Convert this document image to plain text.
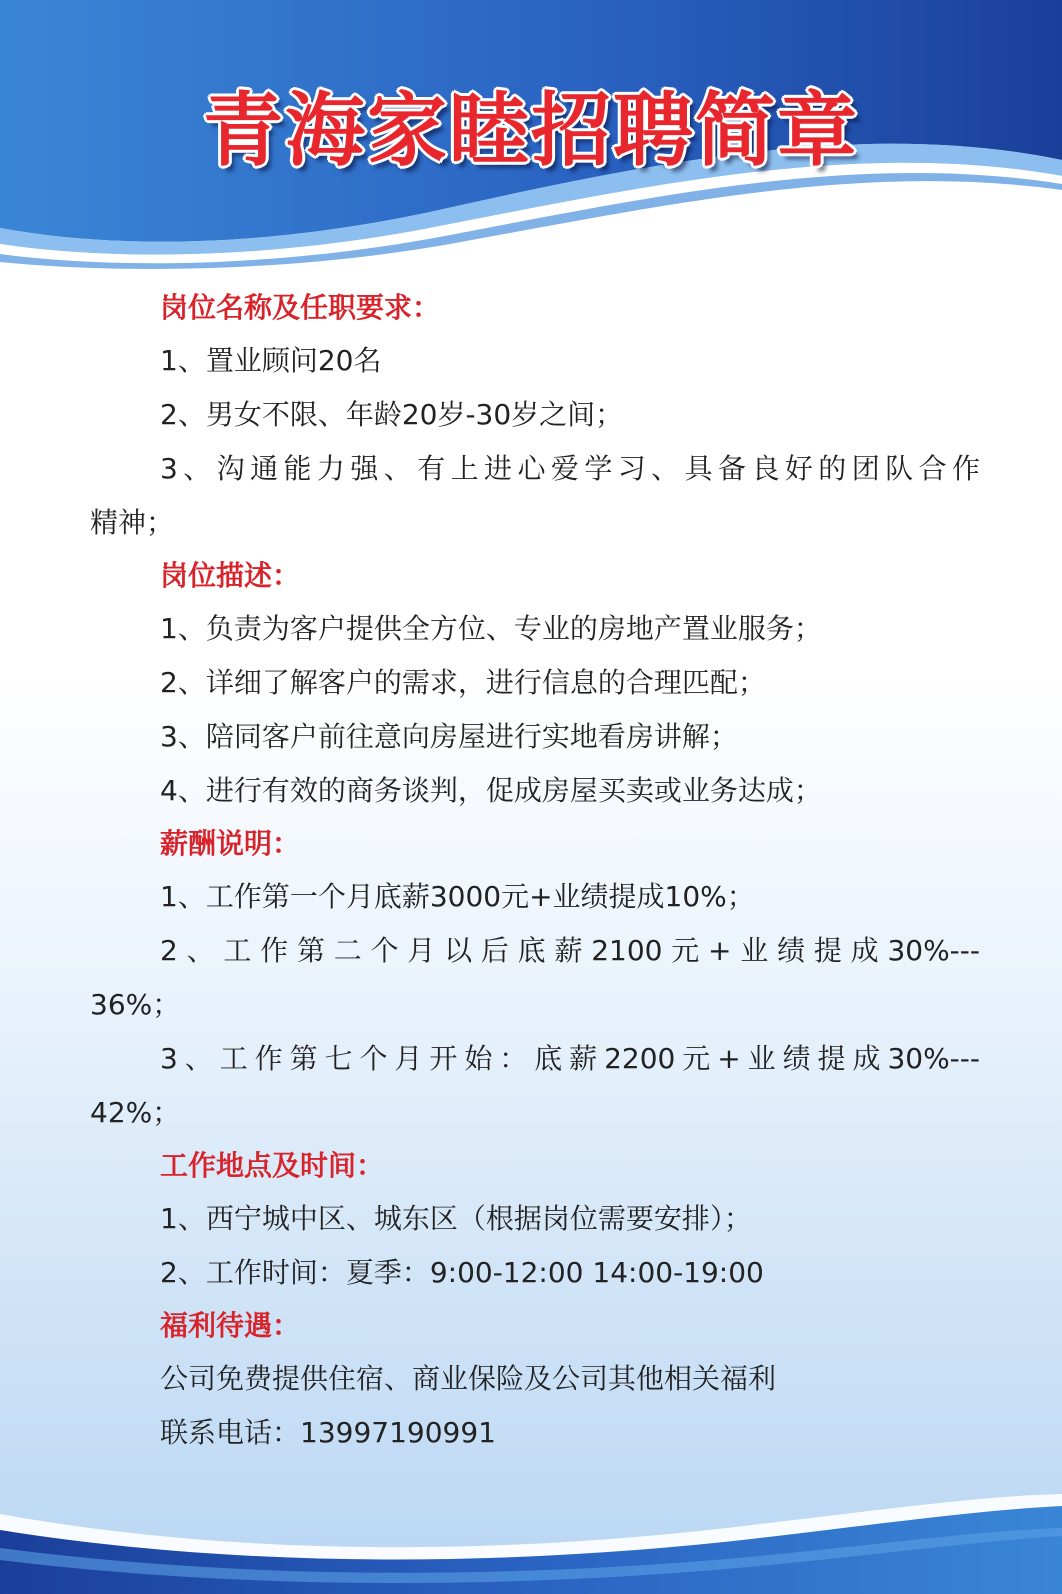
青海家睦招聘简章
岗位名称及任职要求：
1、置业顾问20名
2、男女不限、年龄20岁-30岁之间；
3、沟通能力强、有上进心爱学习、具备良好的团队合作
精神；
岗位描述：
1、负责为客户提供全方位、专业的房地产置业服务；
2、详细了解客户的需求，进行信息的合理匹配；
3、陪同客户前往意向房屋进行实地看房讲解；
4、进行有效的商务谈判，促成房屋买卖或业务达成；
薪酬说明：
1、工作第一个月底薪3000元+业绩提成10%；
2、工作第二个月以后底薪2100元+业绩提成30%---
36%；
3、工作第七个月开始：底薪2200元+业绩提成30%---
42%；
工作地点及时间：
1、西宁城中区、城东区（根据岗位需要安排）；
2、工作时间：夏季：9:00-12:00 14:00-19:00
福利待遇：
公司免费提供住宿、商业保险及公司其他相关福利
联系电话：13997190991
